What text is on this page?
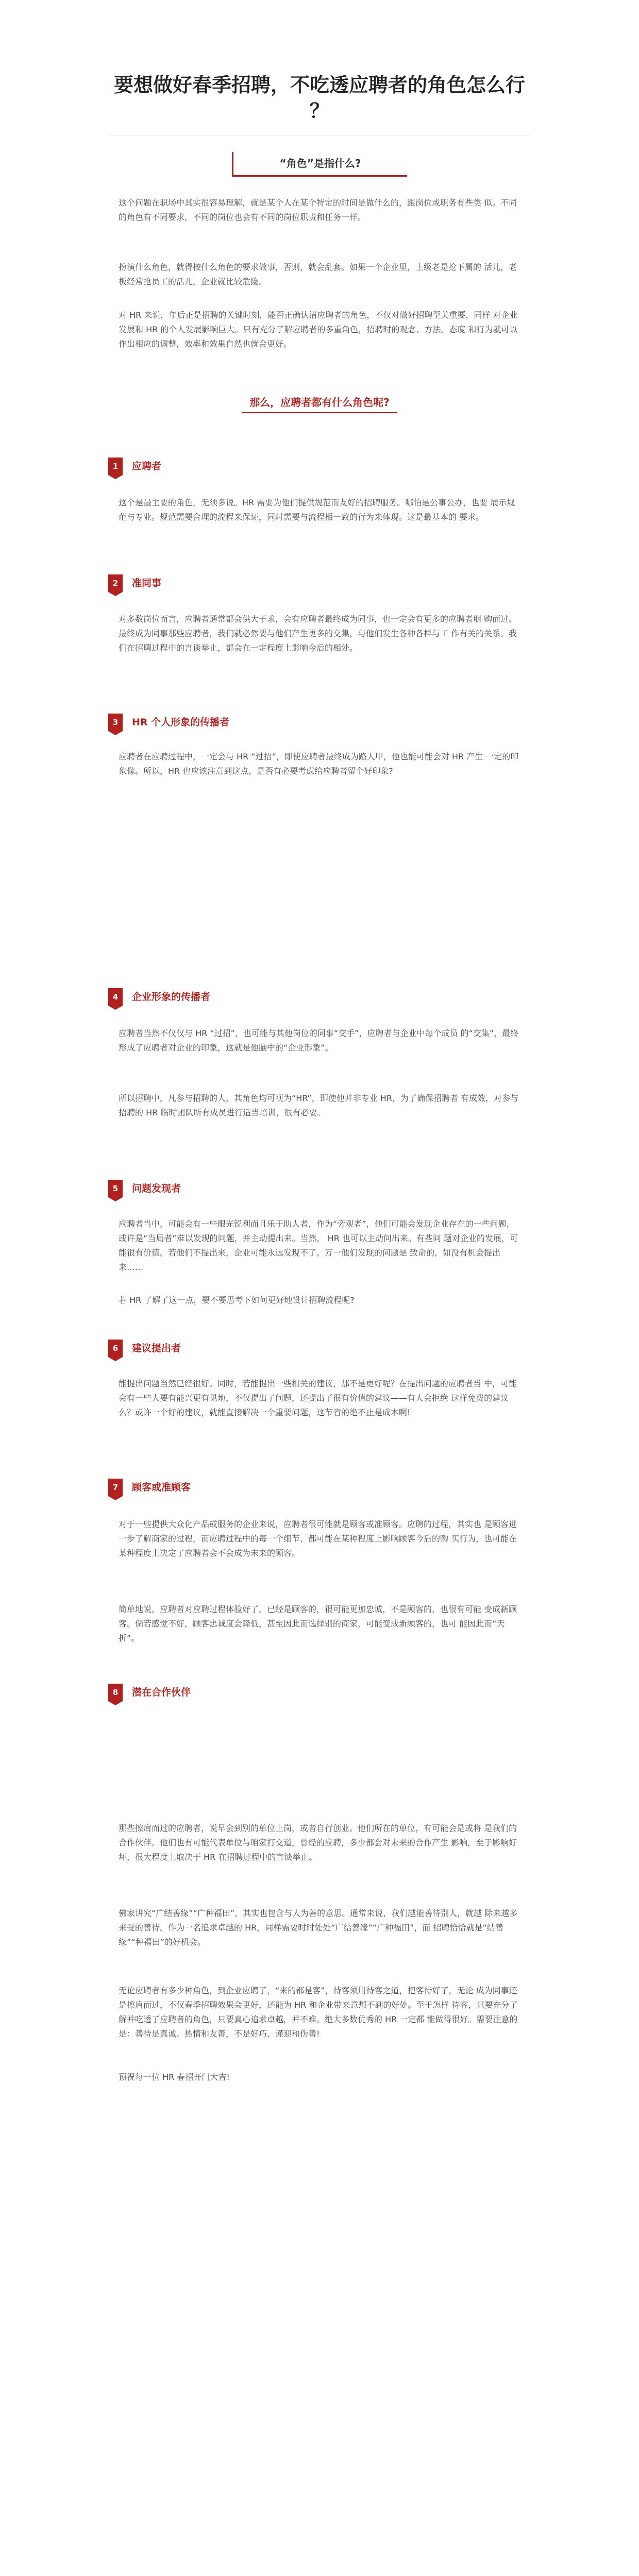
要想做好春季招聘，不吃透应聘者的角色怎么行
？
“角色”是指什么?

这个问题在职场中其实很容易理解，就是某个人在某个特定的时间是做什么的，跟岗位或职务有些类 似。不同的角色有不同要求，不同的岗位也会有不同的岗位职责和任务一样。

扮演什么角色，就得按什么角色的要求做事，否则，就会乱套。如果一个企业里，上级老是抢下属的 活儿，老板经常抢员工的活儿，企业就比较危险。

对 HR 来说，年后正是招聘的关键时刻，能否正确认清应聘者的角色，不仅对做好招聘至关重要，同样 对企业发展和 HR 的个人发展影响巨大。只有充分了解应聘者的多重角色，招聘时的观念、方法、态度 和行为就可以作出相应的调整，效率和效果自然也就会更好。

那么，应聘者都有什么角色呢?
1	应聘者

这个是最主要的角色，无须多说。HR 需要为他们提供规范而友好的招聘服务。哪怕是公事公办，也要 展示规范与专业。规范需要合理的流程来保证，同时需要与流程相一致的行为来体现。这是最基本的 要求。

2	准同事

对多数岗位而言，应聘者通常都会供大于求，会有应聘者最终成为同事，也一定会有更多的应聘者朋 购而过。最终成为同事那些应聘者，我们就必然要与他们产生更多的交集，与他们发生各种各样与工 作有关的关系。我们在招聘过程中的言谈举止，都会在一定程度上影响今后的相处。

3	HR 个人形象的传播者

应聘者在应聘过程中，一定会与 HR “过招”，即使应聘者最终成为路人甲，他也能可能会对 HR 产生 一定的印象像。所以，HR 也应该注意到这点，是否有必要考虑给应聘者留个好印象?

4	企业形象的传播者

应聘者当然不仅仅与 HR “过招”，也可能与其他岗位的同事“交手”，应聘者与企业中每个成员 的“交集”，最终形成了应聘者对企业的印象，这就是他脑中的“企业形象”。

所以招聘中，凡参与招聘的人，其角色均可视为“HR”，即使他并非专业 HR，为了确保招聘者 有成效，对参与招聘的 HR 临时团队所有成员进行适当培训，很有必要。

5	问题发现者

应聘者当中，可能会有一些眼光锐利而且乐于助人者，作为“旁观者”，他们可能会发现企业存在的一些问题，或许是“当局者”难以发现的问题，并主动提出来。当然， HR 也可以主动问出来。有些问 题对企业的发展，可能很有价值。若他们不提出来，企业可能永远发现不了。万一他们发现的问题是 致命的，如没有机会提出来……

若 HR 了解了这一点，要不要思考下如何更好地设计招聘流程呢?

6	建议提出者

能提出问题当然已经很好。同时，若能提出一些相关的建议，那不是更好呢？在提出问题的应聘者当 中，可能会有一些人要有能兴更有见地，不仅提出了问题，还提出了很有价值的建议——有人会拒绝 这样免费的建议么？或许一个好的建议，就能直接解决一个重要问题，这节省的绝不止是成本啊!

7	顾客或准顾客

对于一些提供大众化产品或服务的企业来说，应聘者很可能就是顾客或准顾客。应聘的过程，其实也 是顾客进一步了解商家的过程，而应聘过程中的每一个细节，都可能在某种程度上影响顾客今后的购 买行为，也可能在某种程度上决定了应聘者会不会成为未来的顾客。

简单地说，应聘者对应聘过程体验好了，已经是顾客的，很可能更加忠诚，不是顾客的，也很有可能 变成新顾客。倘若感觉不好，顾客忠诚度会降低，甚至因此而选择别的商家，可能变成新顾客的，也可 能因此而“天折”。

8	潜在合作伙伴

那些擦肩而过的应聘者，说早会到别的单位上岗，或者自行创业。他们所在的单位，有可能会是或将 是我们的合作伙伴。他们也有可能代表单位与咱家打交道，曾经的应聘，多少都会对未来的合作产生 影响，至于影响好坏，很大程度上取决于 HR 在招聘过程中的言谈举止。

佛家讲究“广结善缘”“广种福田”，其实也包含与人为善的意思。通常来说，我们越能善待别人，就越 除来越多来受的善待。作为一名追求卓越的 HR，同样需要时时处处“广结善缘”“广种福田”，而 招聘恰恰就是“结善缘”“种福田”的好机会。

无论应聘者有多少种角色，到企业应聘了，“来的都是客”，待客须用待客之道，把客待好了，无论 成为同事还是擦肩而过，不仅春季招聘效果会更好，还能为 HR 和企业带来意想不到的好处。至于怎样 待客，只要充分了解并吃透了应聘者的角色，只要真心追求卓越，并不难。绝大多数优秀的 HR 一定都 能做得很好。需要注意的是：善待是真诚、热情和友善，不是好巧、谨迎和伪善!

预祝每一位 HR 春招开门大吉!
